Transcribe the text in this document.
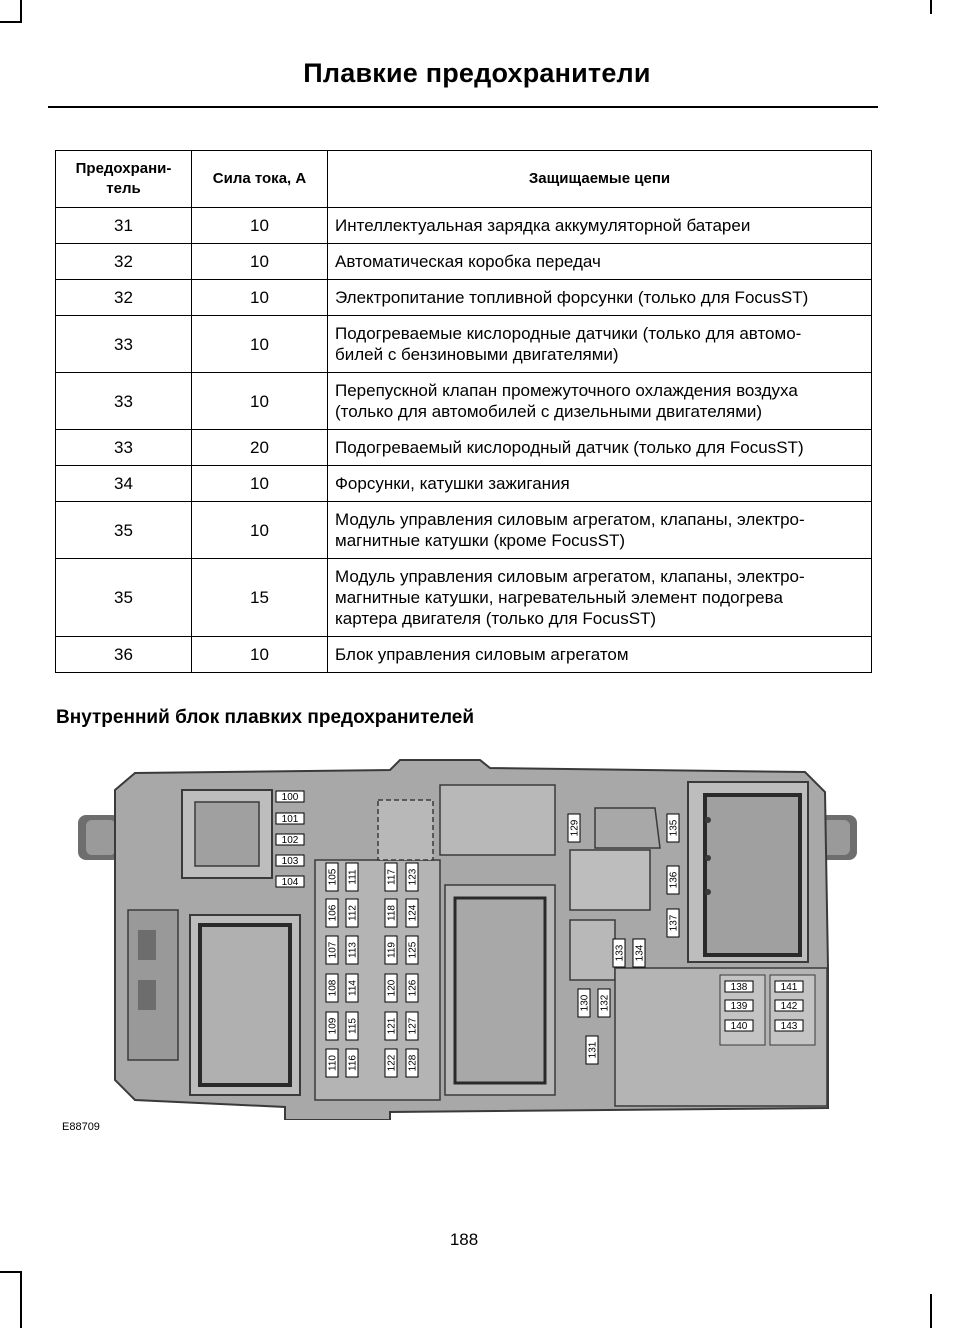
Плавкие предохранители
Предохрани-
тель	Сила тока, A	Защищаемые цепи
31	10	Интеллектуальная зарядка аккумуляторной батареи
32	10	Автоматическая коробка передач
32	10	Электропитание топливной форсунки (только для FocusST)
33	10	Подогреваемые кислородные датчики (только для автомо-
билей с бензиновыми двигателями)
33	10	Перепускной клапан промежуточного охлаждения воздуха
(только для автомобилей с дизельными двигателями)
33	20	Подогреваемый кислородный датчик (только для FocusST)
34	10	Форсунки, катушки зажигания
35	10	Модуль управления силовым агрегатом, клапаны, электро-
магнитные катушки (кроме FocusST)
35	15	Модуль управления силовым агрегатом, клапаны, электро-
магнитные катушки, нагревательный элемент подогрева
картера двигателя (только для FocusST)
36	10	Блок управления силовым агрегатом
Внутренний блок плавких предохранителей
100
101
102
103
104	105
106
107
108
109
110
111
112
113
114
115
116
117
118
119
120
121
122
123
124
125
126
127
128
129
130
131
132
133 134
135
136
137
138
139
140
141
142
143
E88709
188
